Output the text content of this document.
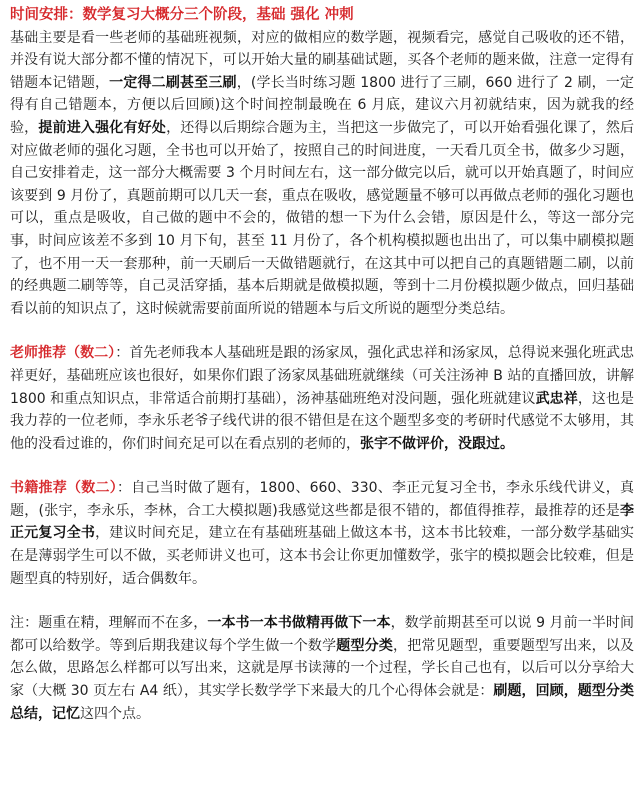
时间安排：数学复习大概分三个阶段，基础 强化 冲刺
基础主要是看一些老师的基础班视频，对应的做相应的数学题，视频看完，感觉自己吸收的还不错，并没有说大部分都不懂的情况下，可以开始大量的刷基础试题，买各个老师的题来做，注意一定得有错题本记错题，一定得二刷甚至三刷，(学长当时练习题 1800 进行了三刷，660 进行了 2 刷，一定得有自己错题本，方便以后回顾)这个时间控制最晚在 6 月底，建议六月初就结束，因为就我的经验，提前进入强化有好处，还得以后期综合题为主，当把这一步做完了，可以开始看强化课了，然后对应做老师的强化习题，全书也可以开始了，按照自己的时间进度，一天看几页全书，做多少习题，自己安排着走，这一部分大概需要 3 个月时间左右，这一部分做完以后，就可以开始真题了，时间应该要到 9 月份了，真题前期可以几天一套，重点在吸收，感觉题量不够可以再做点老师的强化习题也可以，重点是吸收，自己做的题中不会的，做错的想一下为什么会错，原因是什么，等这一部分完事，时间应该差不多到 10 月下旬，甚至 11 月份了，各个机构模拟题也出出了，可以集中刷模拟题了，也不用一天一套那种，前一天刷后一天做错题就行，在这其中可以把自己的真题错题二刷，以前的经典题二刷等等，自己灵活穿插，基本后期就是做模拟题，等到十二月份模拟题少做点，回归基础看以前的知识点了，这时候就需要前面所说的错题本与后文所说的题型分类总结。

老师推荐（数二）：首先老师我本人基础班是跟的汤家凤，强化武忠祥和汤家凤，总得说来强化班武忠祥更好，基础班应该也很好，如果你们跟了汤家凤基础班就继续（可关注汤神 B 站的直播回放，讲解 1800 和重点知识点，非常适合前期打基础），汤神基础班绝对没问题，强化班就建议武忠祥，这也是我力荐的一位老师，李永乐老爷子线代讲的很不错但是在这个题型多变的考研时代感觉不太够用，其他的没看过谁的，你们时间充足可以在看点别的老师的，张宇不做评价，没跟过。

书籍推荐（数二）：自己当时做了题有，1800、660、330、李正元复习全书，李永乐线代讲义，真题，(张宇，李永乐，李林，合工大模拟题)我感觉这些都是很不错的，都值得推荐，最推荐的还是李正元复习全书，建议时间充足，建立在有基础班基础上做这本书，这本书比较难，一部分数学基础实在是薄弱学生可以不做，买老师讲义也可，这本书会让你更加懂数学，张宇的模拟题会比较难，但是题型真的特别好，适合偶数年。

注：题重在精，理解而不在多，一本书一本书做精再做下一本，数学前期甚至可以说 9 月前一半时间都可以给数学。等到后期我建议每个学生做一个数学题型分类，把常见题型，重要题型写出来，以及怎么做，思路怎么样都可以写出来，这就是厚书读薄的一个过程，学长自己也有，以后可以分享给大家（大概 30 页左右 A4 纸），其实学长数学学下来最大的几个心得体会就是：刷题，回顾，题型分类总结，记忆这四个点。
